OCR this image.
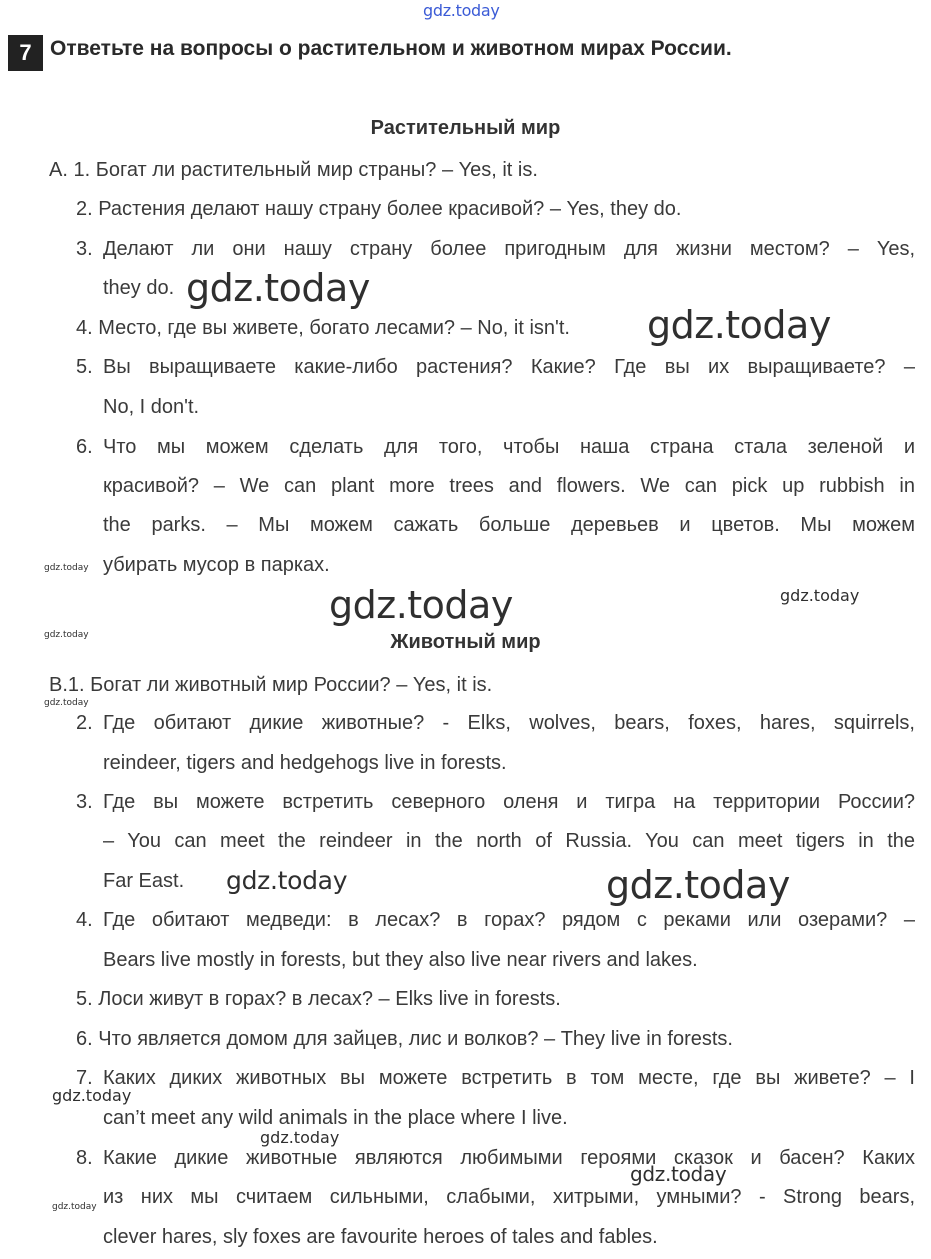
gdz.today
7 Ответьте на вопросы о растительном и животном мирах России.
Растительный мир
A. 1. Богат ли растительный мир страны? – Yes, it is.
2. Растения делают нашу страну более красивой? – Yes, they do.
3. Делают ли они нашу страну более пригодным для жизни местом? – Yes,
they do.
4. Место, где вы живете, богато лесами? – No, it isn't.
5. Вы выращиваете какие-либо растения? Какие? Где вы их выращиваете? –
No, I don't.
6. Что мы можем сделать для того, чтобы наша страна стала зеленой и
красивой? – We can plant more trees and flowers. We can pick up rubbish in
the parks. – Мы можем сажать больше деревьев и цветов. Мы можем
убирать мусор в парках.
Животный мир
B.1. Богат ли животный мир России? – Yes, it is.
2. Где обитают дикие животные? - Elks, wolves, bears, foxes, hares, squirrels,
reindeer, tigers and hedgehogs live in forests.
3. Где вы можете встретить северного оленя и тигра на территории России?
– You can meet the reindeer in the north of Russia. You can meet tigers in the
Far East.
4. Где обитают медведи: в лесах? в горах? рядом с реками или озерами? –
Bears live mostly in forests, but they also live near rivers and lakes.
5. Лоси живут в горах? в лесах? – Elks live in forests.
6. Что является домом для зайцев, лис и волков? – They live in forests.
7. Каких диких животных вы можете встретить в том месте, где вы живете? – I
can’t meet any wild animals in the place where I live.
8. Какие дикие животные являются любимыми героями сказок и басен? Каких
из них мы считаем сильными, слабыми, хитрыми, умными? - Strong bears,
clever hares, sly foxes are favourite heroes of tales and fables.
gdz.today
gdz.today
gdz.today
gdz.today
gdz.today
gdz.today
gdz.today
gdz.today
gdz.today
gdz.today
gdz.today
gdz.today
gdz.today
